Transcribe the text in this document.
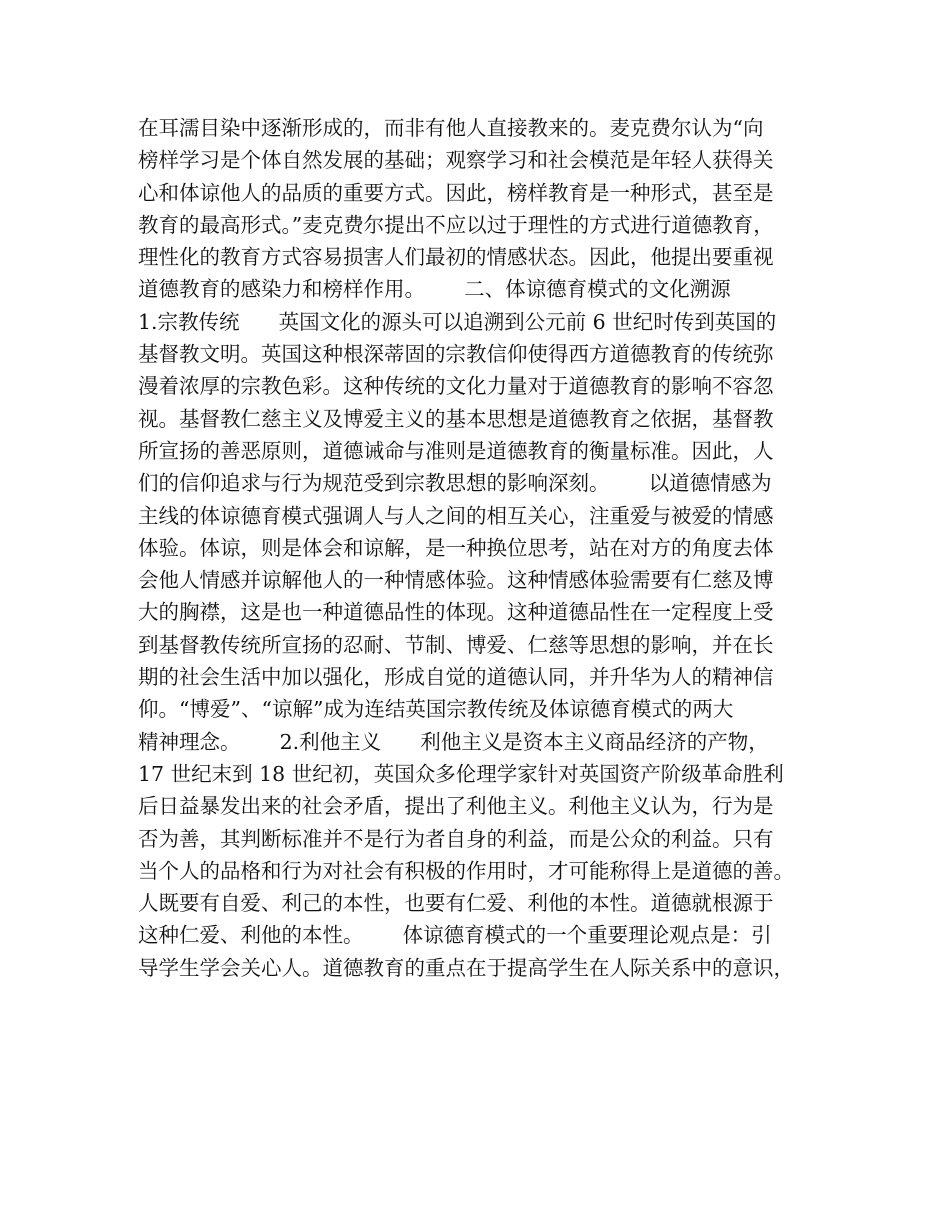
在耳濡目染中逐渐形成的，而非有他人直接教来的。麦克费尔认为“向
榜样学习是个体自然发展的基础；观察学习和社会模范是年轻人获得关
心和体谅他人的品质的重要方式。因此，榜样教育是一种形式，甚至是
教育的最高形式。”麦克费尔提出不应以过于理性的方式进行道德教育，
理性化的教育方式容易损害人们最初的情感状态。因此，他提出要重视
道德教育的感染力和榜样作用。      二、体谅德育模式的文化溯源
1.宗教传统      英国文化的源头可以追溯到公元前 6 世纪时传到英国的
基督教文明。英国这种根深蒂固的宗教信仰使得西方道德教育的传统弥
漫着浓厚的宗教色彩。这种传统的文化力量对于道德教育的影响不容忽
视。基督教仁慈主义及博爱主义的基本思想是道德教育之依据，基督教
所宣扬的善恶原则，道德诫命与准则是道德教育的衡量标准。因此，人
们的信仰追求与行为规范受到宗教思想的影响深刻。      以道德情感为
主线的体谅德育模式强调人与人之间的相互关心，注重爱与被爱的情感
体验。体谅，则是体会和谅解，是一种换位思考，站在对方的角度去体
会他人情感并谅解他人的一种情感体验。这种情感体验需要有仁慈及博
大的胸襟，这是也一种道德品性的体现。这种道德品性在一定程度上受
到基督教传统所宣扬的忍耐、节制、博爱、仁慈等思想的影响，并在长
期的社会生活中加以强化，形成自觉的道德认同，并升华为人的精神信
仰。“博爱”、“谅解”成为连结英国宗教传统及体谅德育模式的两大
精神理念。      2.利他主义      利他主义是资本主义商品经济的产物，
17 世纪末到 18 世纪初，英国众多伦理学家针对英国资产阶级革命胜利
后日益暴发出来的社会矛盾，提出了利他主义。利他主义认为，行为是
否为善，其判断标准并不是行为者自身的利益，而是公众的利益。只有
当个人的品格和行为对社会有积极的作用时，才可能称得上是道德的善。
人既要有自爱、利己的本性，也要有仁爱、利他的本性。道德就根源于
这种仁爱、利他的本性。      体谅德育模式的一个重要理论观点是：引
导学生学会关心人。道德教育的重点在于提高学生在人际关系中的意识，
